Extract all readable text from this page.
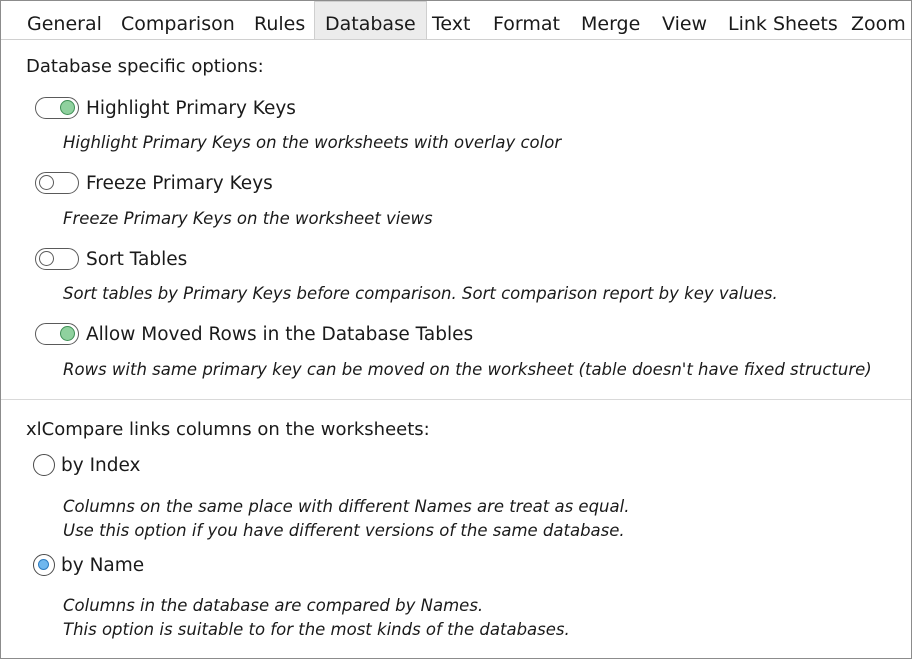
General Comparison Rules	Database Text Format Merge View Link Sheets Zoom
Database specific options:
Highlight Primary Keys
Highlight Primary Keys on the worksheets with overlay color
Freeze Primary Keys
Freeze Primary Keys on the worksheet views
Sort Tables
Sort tables by Primary Keys before comparison. Sort comparison report by key values.
Allow Moved Rows in the Database Tables
Rows with same primary key can be moved on the worksheet (table doesn't have fixed structure)
xlCompare links columns on the worksheets:
by Index
Columns on the same place with different Names are treat as equal.
Use this option if you have different versions of the same database.
by Name
Columns in the database are compared by Names.
This option is suitable to for the most kinds of the databases.
